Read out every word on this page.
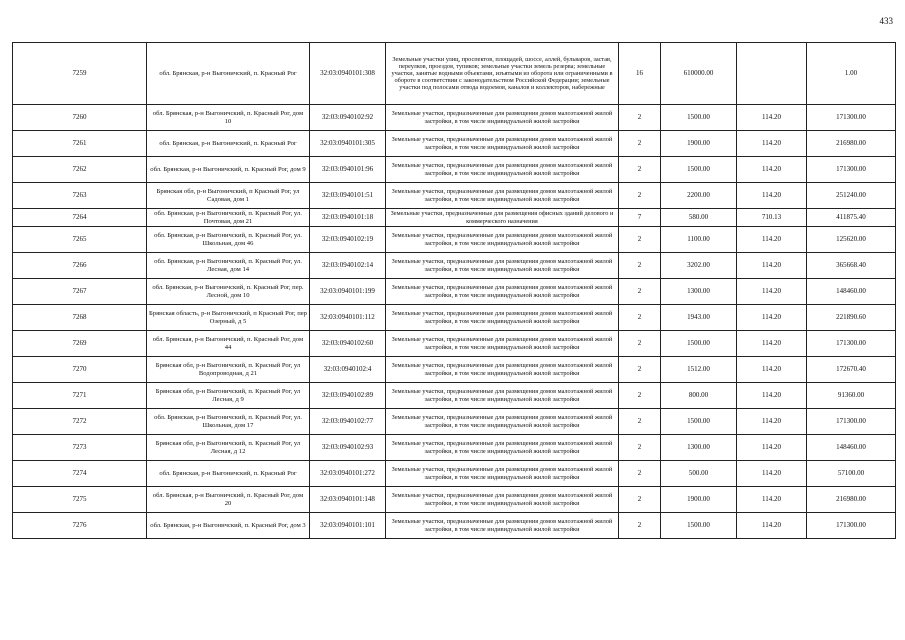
433
7259	обл. Брянская, р-н Выгоничский, п. Красный Рог	32:03:0940101:308	Земельные участки улиц, проспектов, площадей, шоссе, аллей, бульваров, застав, переулков, проездов, тупиков; земельные участки земель резерва; земельные участки, занятые водными объектами, изъятыми из оборота или ограниченными в обороте в соответствии с законодательством Российской Федерации; земельные участки под полосами отвода водоемов, каналов и коллекторов, набережные	16	610000.00		1.00
7260	обл. Брянская, р-н Выгоничский, п. Красный Рог, дом 10	32:03:0940102:92	Земельные участки, предназначенные для размещения домов малоэтажной жилой застройки, в том числе индивидуальной жилой застройки	2	1500.00	114.20	171300.00
7261	обл. Брянская, р-н Выгоничский, п. Красный Рог	32:03:0940101:305	Земельные участки, предназначенные для размещения домов малоэтажной жилой застройки, в том числе индивидуальной жилой застройки	2	1900.00	114.20	216980.00
7262	обл. Брянская, р-н Выгоничский, п. Красный Рог, дом 9	32:03:0940101:96	Земельные участки, предназначенные для размещения домов малоэтажной жилой застройки, в том числе индивидуальной жилой застройки	2	1500.00	114.20	171300.00
7263	Брянская обл, р-н Выгоничский, п Красный Рог, ул Садовая, дом 1	32:03:0940101:51	Земельные участки, предназначенные для размещения домов малоэтажной жилой застройки, в том числе индивидуальной жилой застройки	2	2200.00	114.20	251240.00
7264	обл. Брянская, р-н Выгоничский, п. Красный Рог, ул. Почтовая, дом 21	32:03:0940101:18	Земельные участки, предназначенные для размещения офисных зданий делового и коммерческого назначения	7	580.00	710.13	411875.40
7265	обл. Брянская, р-н Выгоничский, п. Красный Рог, ул. Школьная, дом 46	32:03:0940102:19	Земельные участки, предназначенные для размещения домов малоэтажной жилой застройки, в том числе индивидуальной жилой застройки	2	1100.00	114.20	125620.00
7266	обл. Брянская, р-н Выгоничский, п. Красный Рог, ул. Лесная, дом 14	32:03:0940102:14	Земельные участки, предназначенные для размещения домов малоэтажной жилой застройки, в том числе индивидуальной жилой застройки	2	3202.00	114.20	365668.40
7267	обл. Брянская, р-н Выгоничский, п. Красный Рог, пер. Лесной, дом 10	32:03:0940101:199	Земельные участки, предназначенные для размещения домов малоэтажной жилой застройки, в том числе индивидуальной жилой застройки	2	1300.00	114.20	148460.00
7268	Брянская область, р-н Выгоничский, п Красный Рог, пер Озерный, д 5	32:03:0940101:112	Земельные участки, предназначенные для размещения домов малоэтажной жилой застройки, в том числе индивидуальной жилой застройки	2	1943.00	114.20	221890.60
7269	обл. Брянская, р-н Выгоничский, п. Красный Рог, дом 44	32:03:0940102:60	Земельные участки, предназначенные для размещения домов малоэтажной жилой застройки, в том числе индивидуальной жилой застройки	2	1500.00	114.20	171300.00
7270	Брянская обл, р-н Выгоничский, п. Красный Рог, ул Водопроводная, д 21	32:03:0940102:4	Земельные участки, предназначенные для размещения домов малоэтажной жилой застройки, в том числе индивидуальной жилой застройки	2	1512.00	114.20	172670.40
7271	Брянская обл, р-н Выгоничский, п. Красный Рог, ул Лесная, д 9	32:03:0940102:89	Земельные участки, предназначенные для размещения домов малоэтажной жилой застройки, в том числе индивидуальной жилой застройки	2	800.00	114.20	91360.00
7272	обл. Брянская, р-н Выгоничский, п. Красный Рог, ул. Школьная, дом 17	32:03:0940102:77	Земельные участки, предназначенные для размещения домов малоэтажной жилой застройки, в том числе индивидуальной жилой застройки	2	1500.00	114.20	171300.00
7273	Брянская обл, р-н Выгоничский, п. Красный Рог, ул Лесная, д 12	32:03:0940102:93	Земельные участки, предназначенные для размещения домов малоэтажной жилой застройки, в том числе индивидуальной жилой застройки	2	1300.00	114.20	148460.00
7274	обл. Брянская, р-н Выгоничский, п. Красный Рог	32:03:0940101:272	Земельные участки, предназначенные для размещения домов малоэтажной жилой застройки, в том числе индивидуальной жилой застройки	2	500.00	114.20	57100.00
7275	обл. Брянская, р-н Выгоничский, п. Красный Рог, дом 20	32:03:0940101:148	Земельные участки, предназначенные для размещения домов малоэтажной жилой застройки, в том числе индивидуальной жилой застройки	2	1900.00	114.20	216980.00
7276	обл. Брянская, р-н Выгоничский, п. Красный Рог, дом 3	32:03:0940101:101	Земельные участки, предназначенные для размещения домов малоэтажной жилой застройки, в том числе индивидуальной жилой застройки	2	1500.00	114.20	171300.00
